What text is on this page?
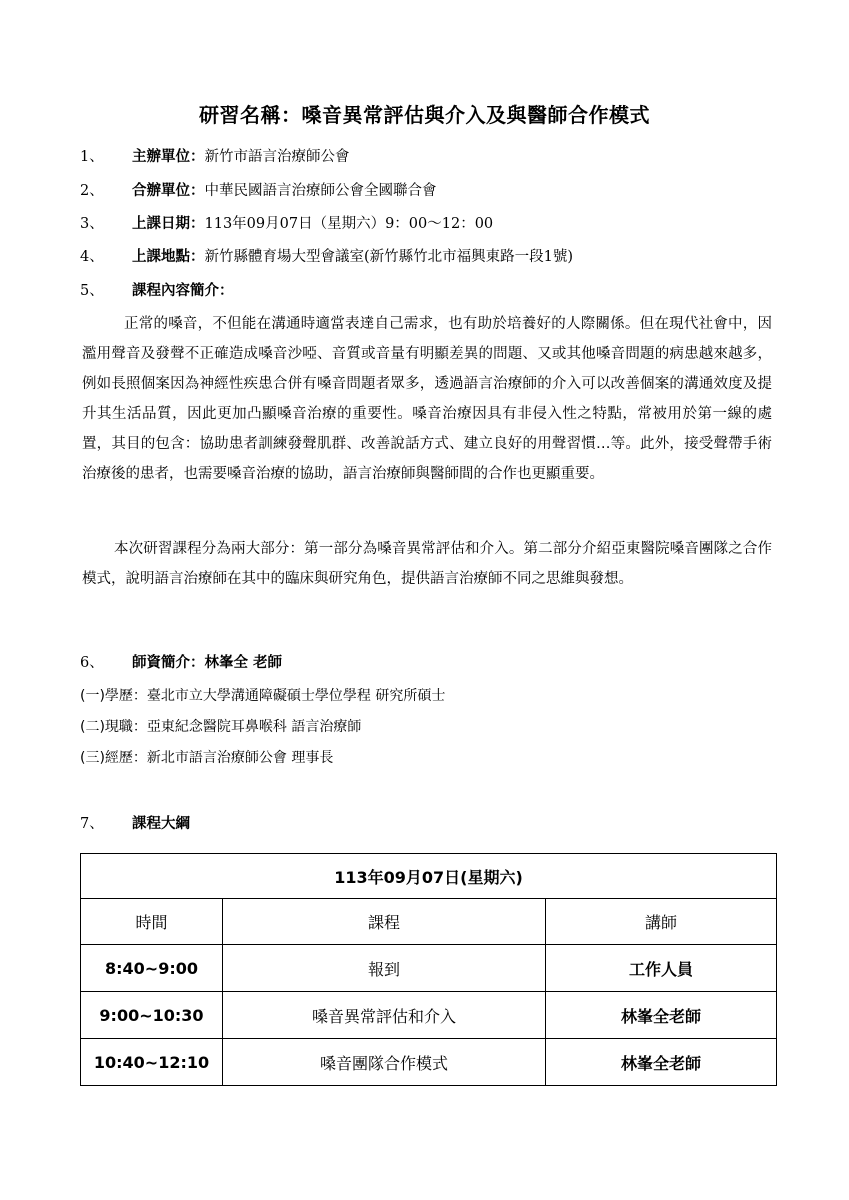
研習名稱：嗓音異常評估與介入及與醫師合作模式
1、 主辦單位：新竹市語言治療師公會
2、 合辦單位：中華民國語言治療師公會全國聯合會
3、 上課日期：113年09月07日（星期六）9：00～12：00
4、 上課地點：新竹縣體育場大型會議室(新竹縣竹北市福興東路一段1號)
5、 課程內容簡介：
正常的嗓音，不但能在溝通時適當表達自己需求，也有助於培養好的人際關係。但在現代社會中，因濫用聲音及發聲不正確造成嗓音沙啞、音質或音量有明顯差異的問題、又或其他嗓音問題的病患越來越多，例如長照個案因為神經性疾患合併有嗓音問題者眾多，透過語言治療師的介入可以改善個案的溝通效度及提升其生活品質，因此更加凸顯嗓音治療的重要性。嗓音治療因具有非侵入性之特點，常被用於第一線的處置，其目的包含：協助患者訓練發聲肌群、改善說話方式、建立良好的用聲習慣…等。此外，接受聲帶手術治療後的患者，也需要嗓音治療的協助，語言治療師與醫師間的合作也更顯重要。
本次研習課程分為兩大部分：第一部分為嗓音異常評估和介入。第二部分介紹亞東醫院嗓音團隊之合作模式，說明語言治療師在其中的臨床與研究角色，提供語言治療師不同之思維與發想。
6、 師資簡介：林峯全 老師
(一)學歷：臺北市立大學溝通障礙碩士學位學程 研究所碩士
(二)現職：亞東紀念醫院耳鼻喉科 語言治療師
(三)經歷：新北市語言治療師公會 理事長
7、 課程大綱
113年09月07日(星期六)		
時間	課程	講師
8:40~9:00	報到	工作人員
9:00~10:30	嗓音異常評估和介入	林峯全老師
10:40~12:10	嗓音團隊合作模式	林峯全老師
